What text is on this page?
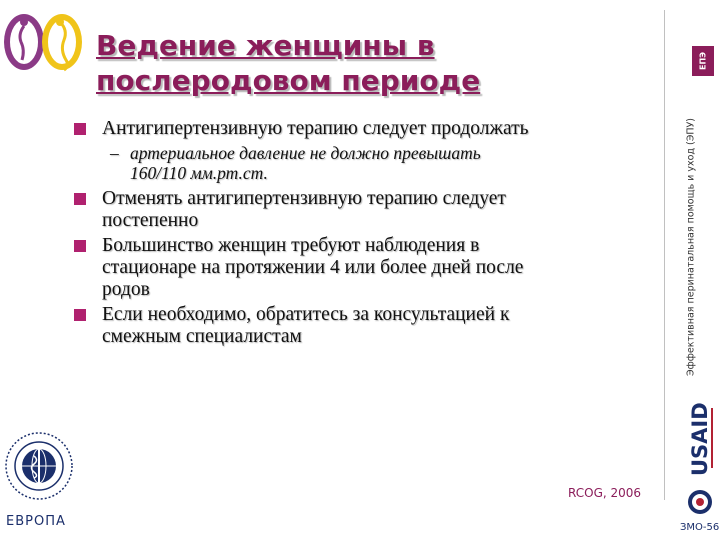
Ведение женщины в
послеродовом периоде
ЕПЭ
Эффективная перинатальная помощь и уход (ЭПУ)
USAID
Антигипертензивную терапию следует продолжать
– артериальное давление не должно превышать
160/110 мм.рт.ст.
Отменять антигипертензивную терапию следует
постепенно
Большинство женщин требуют наблюдения в
стационаре на протяжении 4 или более дней после
родов
Если необходимо, обратитесь за консультацией к
смежным специалистам
ЕВРОПА
RCOG, 2006
ЗМО-56
